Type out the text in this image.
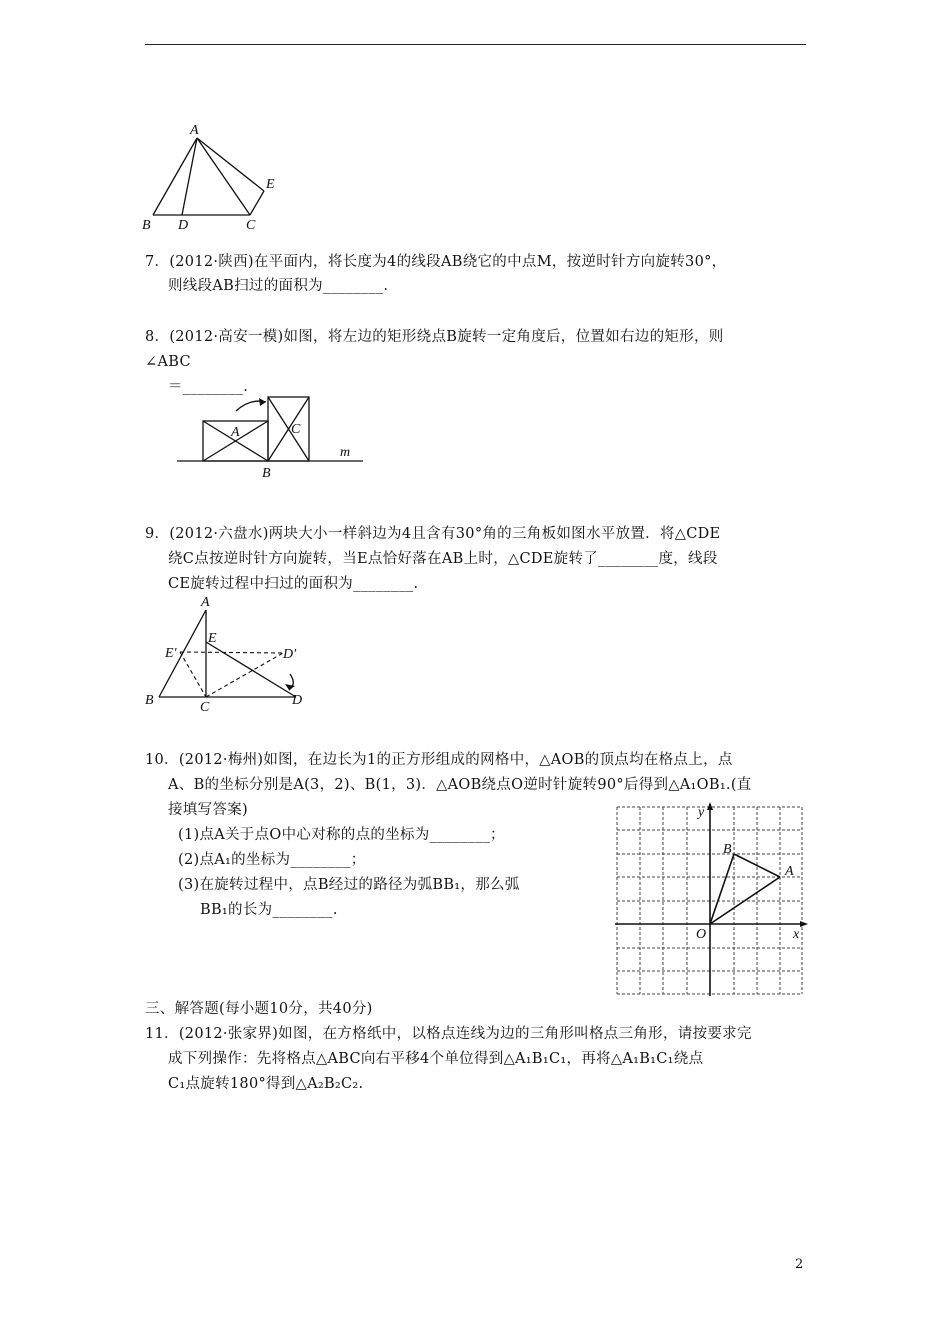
A
B D	C
E
7．(2012·陕西)在平面内，将长度为4的线段AB绕它的中点M，按逆时针方向旋转30°，
则线段AB扫过的面积为________.
8．(2012·高安一模)如图，将左边的矩形绕点B旋转一定角度后，位置如右边的矩形，则
∠ABC
＝________.
A	C
m
B
9．(2012·六盘水)两块大小一样斜边为4且含有30°角的三角板如图水平放置．将△CDE
绕C点按逆时针方向旋转，当E点恰好落在AB上时，△CDE旋转了________度，线段
CE旋转过程中扫过的面积为________.
A
E
E′	D′
B	C	D
10．(2012·梅州)如图，在边长为1的正方形组成的网格中，△AOB的顶点均在格点上，点
A、B的坐标分别是A(3，2)、B(1，3)．△AOB绕点O逆时针旋转90°后得到△A₁OB₁.(直
接填写答案)
(1)点A关于点O中心对称的点的坐标为________；
(2)点A₁的坐标为________；
(3)在旋转过程中，点B经过的路径为弧BB₁，那么弧
BB₁的长为________.
y
x
O
B
A
三、解答题(每小题10分，共40分)
11．(2012·张家界)如图，在方格纸中，以格点连线为边的三角形叫格点三角形，请按要求完
成下列操作：先将格点△ABC向右平移4个单位得到△A₁B₁C₁，再将△A₁B₁C₁绕点
C₁点旋转180°得到△A₂B₂C₂.
2
